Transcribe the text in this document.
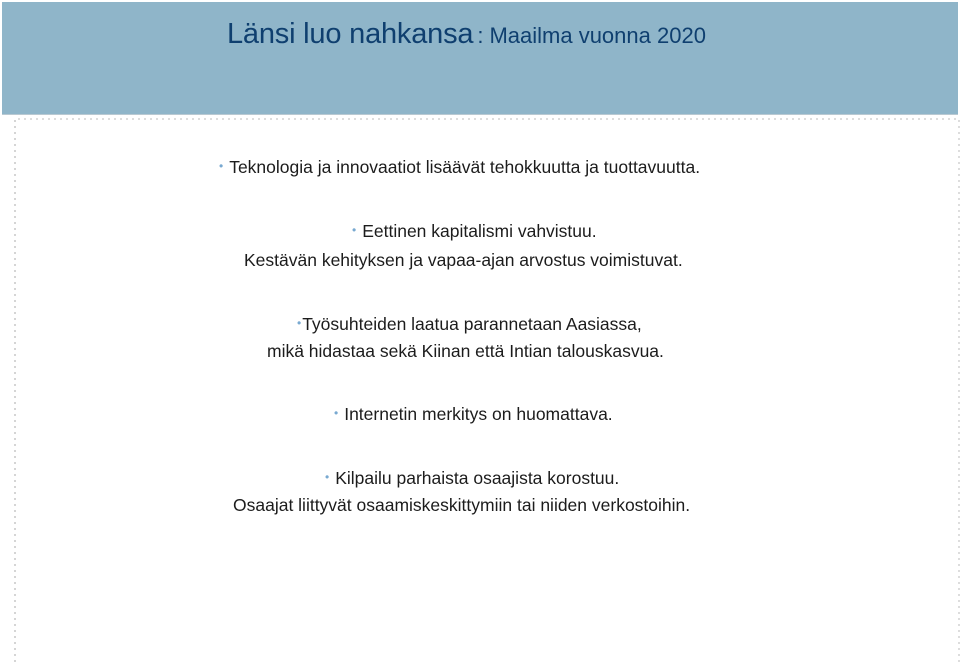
Länsi luo nahkansa : Maailma vuonna 2020
• Teknologia ja innovaatiot lisäävät tehokkuutta ja tuottavuutta.
• Eettinen kapitalismi vahvistuu.
Kestävän kehityksen ja vapaa-ajan arvostus voimistuvat.
•Työsuhteiden laatua parannetaan Aasiassa,
mikä hidastaa sekä Kiinan että Intian talouskasvua.
• Internetin merkitys on huomattava.
• Kilpailu parhaista osaajista korostuu.
Osaajat liittyvät osaamiskeskittymiin tai niiden verkostoihin.
